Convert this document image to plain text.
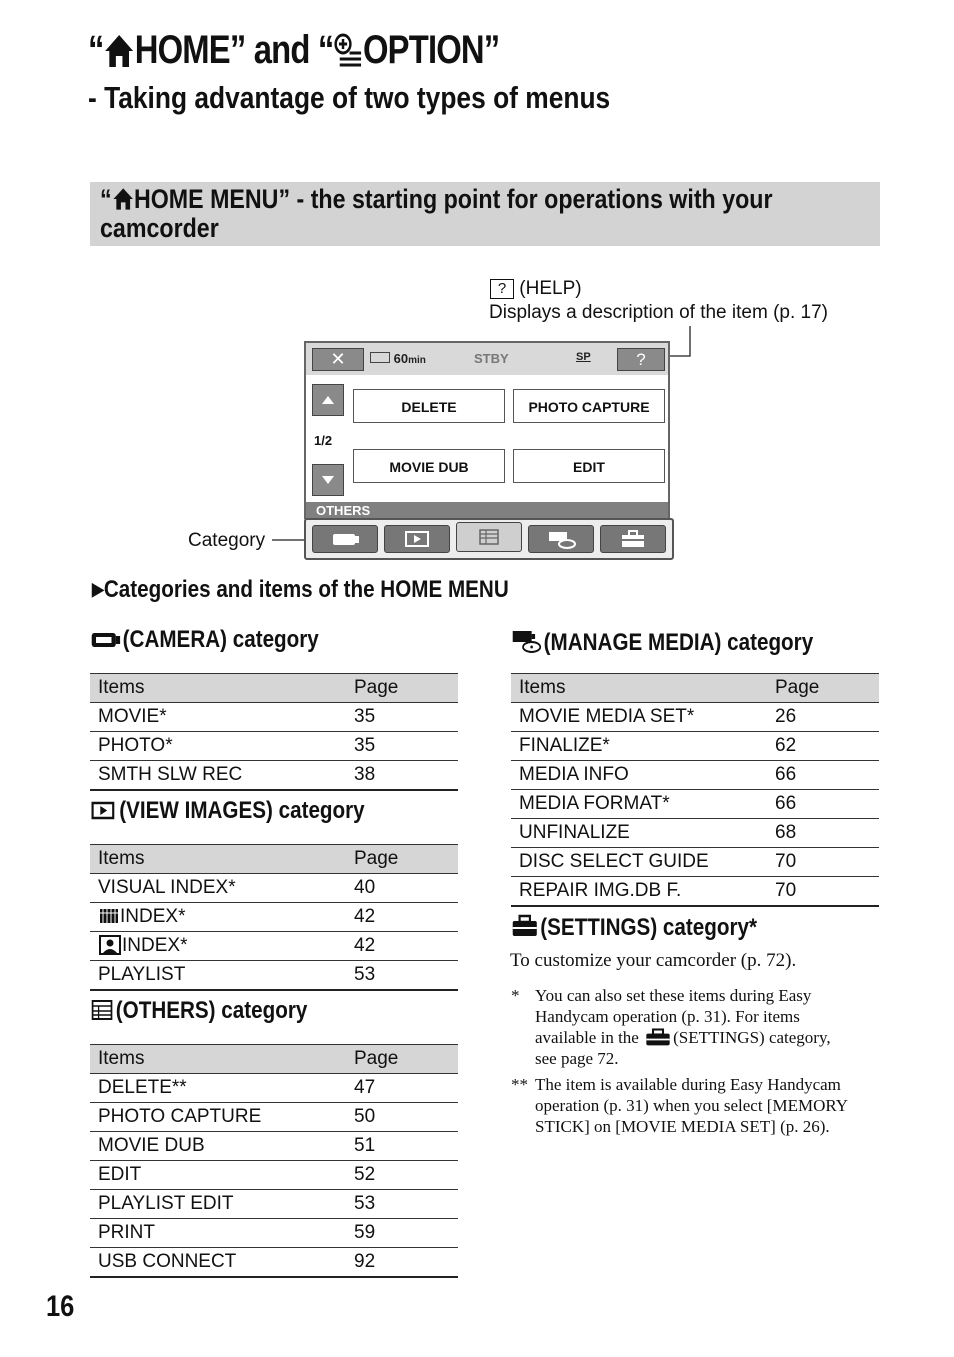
“ HOME” and “ OPTION”
- Taking advantage of two types of menus
“ HOME MENU” - the starting point for operations with your camcorder
? (HELP)
Displays a description of the item (p. 17)
Category
✕	60min	STBY	SP	?
1/2
DELETE	PHOTO CAPTURE
MOVIE DUB	EDIT
OTHERS
▶Categories and items of the HOME MENU
(CAMERA) category
Items	Page
MOVIE*	35
PHOTO*	35
SMTH SLW REC	38
(VIEW IMAGES) category
Items	Page
VISUAL INDEX*	40
INDEX*	42
INDEX*	42
PLAYLIST	53
(OTHERS) category
Items	Page
DELETE**	47
PHOTO CAPTURE	50
MOVIE DUB	51
EDIT	52
PLAYLIST EDIT	53
PRINT	59
USB CONNECT	92
(MANAGE MEDIA) category
Items	Page
MOVIE MEDIA SET*	26
FINALIZE*	62
MEDIA INFO	66
MEDIA FORMAT*	66
UNFINALIZE	68
DISC SELECT GUIDE	70
REPAIR IMG.DB F.	70
(SETTINGS) category*
To customize your camcorder (p. 72).
* You can also set these items during Easy
Handycam operation (p. 31). For items
available in the (SETTINGS) category,
see page 72.
** The item is available during Easy Handycam
operation (p. 31) when you select [MEMORY
STICK] on [MOVIE MEDIA SET] (p. 26).
16
